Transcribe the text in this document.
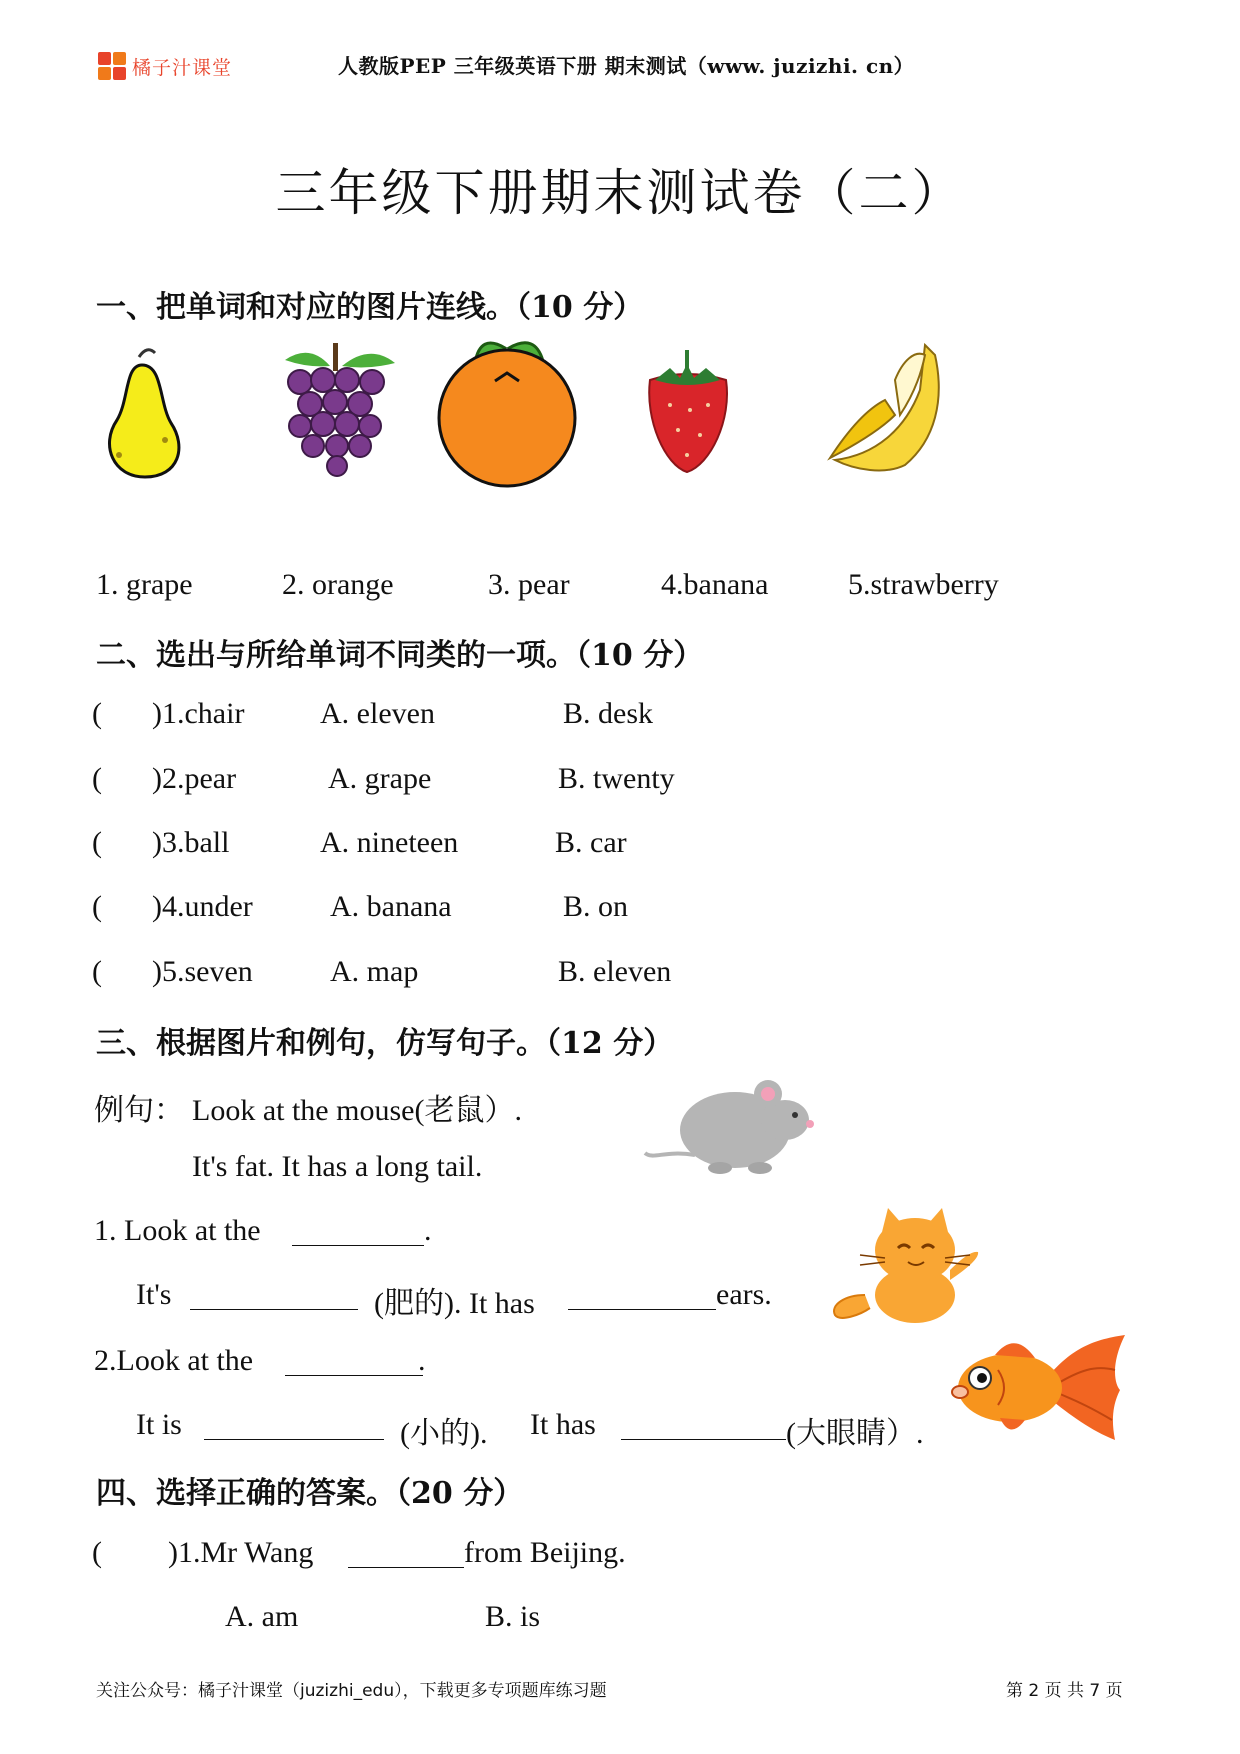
橘子汁课堂	人教版PEP 三年级英语下册 期末测试（www. juzizhi. cn）
三年级下册期末测试卷（二）
一、把单词和对应的图片连线。（10 分）
1. grape	2. orange	3. pear	4.banana	5.strawberry
二、选出与所给单词不同类的一项。（10 分）
( )1.chair	A. eleven	B. desk
( )2.pear	A. grape	B. twenty
( )3.ball	A. nineteen	B. car
( )4.under	A. banana	B. on
( )5.seven	A. map	B. eleven
三、根据图片和例句，仿写句子。（12 分）
例句： Look at the mouse(老鼠）.
It's fat. It has a long tail.
1. Look at the	.
It's	(肥的). It has	ears.
2.Look at the	.
It is	(小的). It has	(大眼睛）.
四、选择正确的答案。（20 分）
( )1.Mr Wang	from Beijing.
A. am	B. is
关注公众号：橘子汁课堂（juzizhi_edu），下载更多专项题库练习题	第 2 页 共 7 页
